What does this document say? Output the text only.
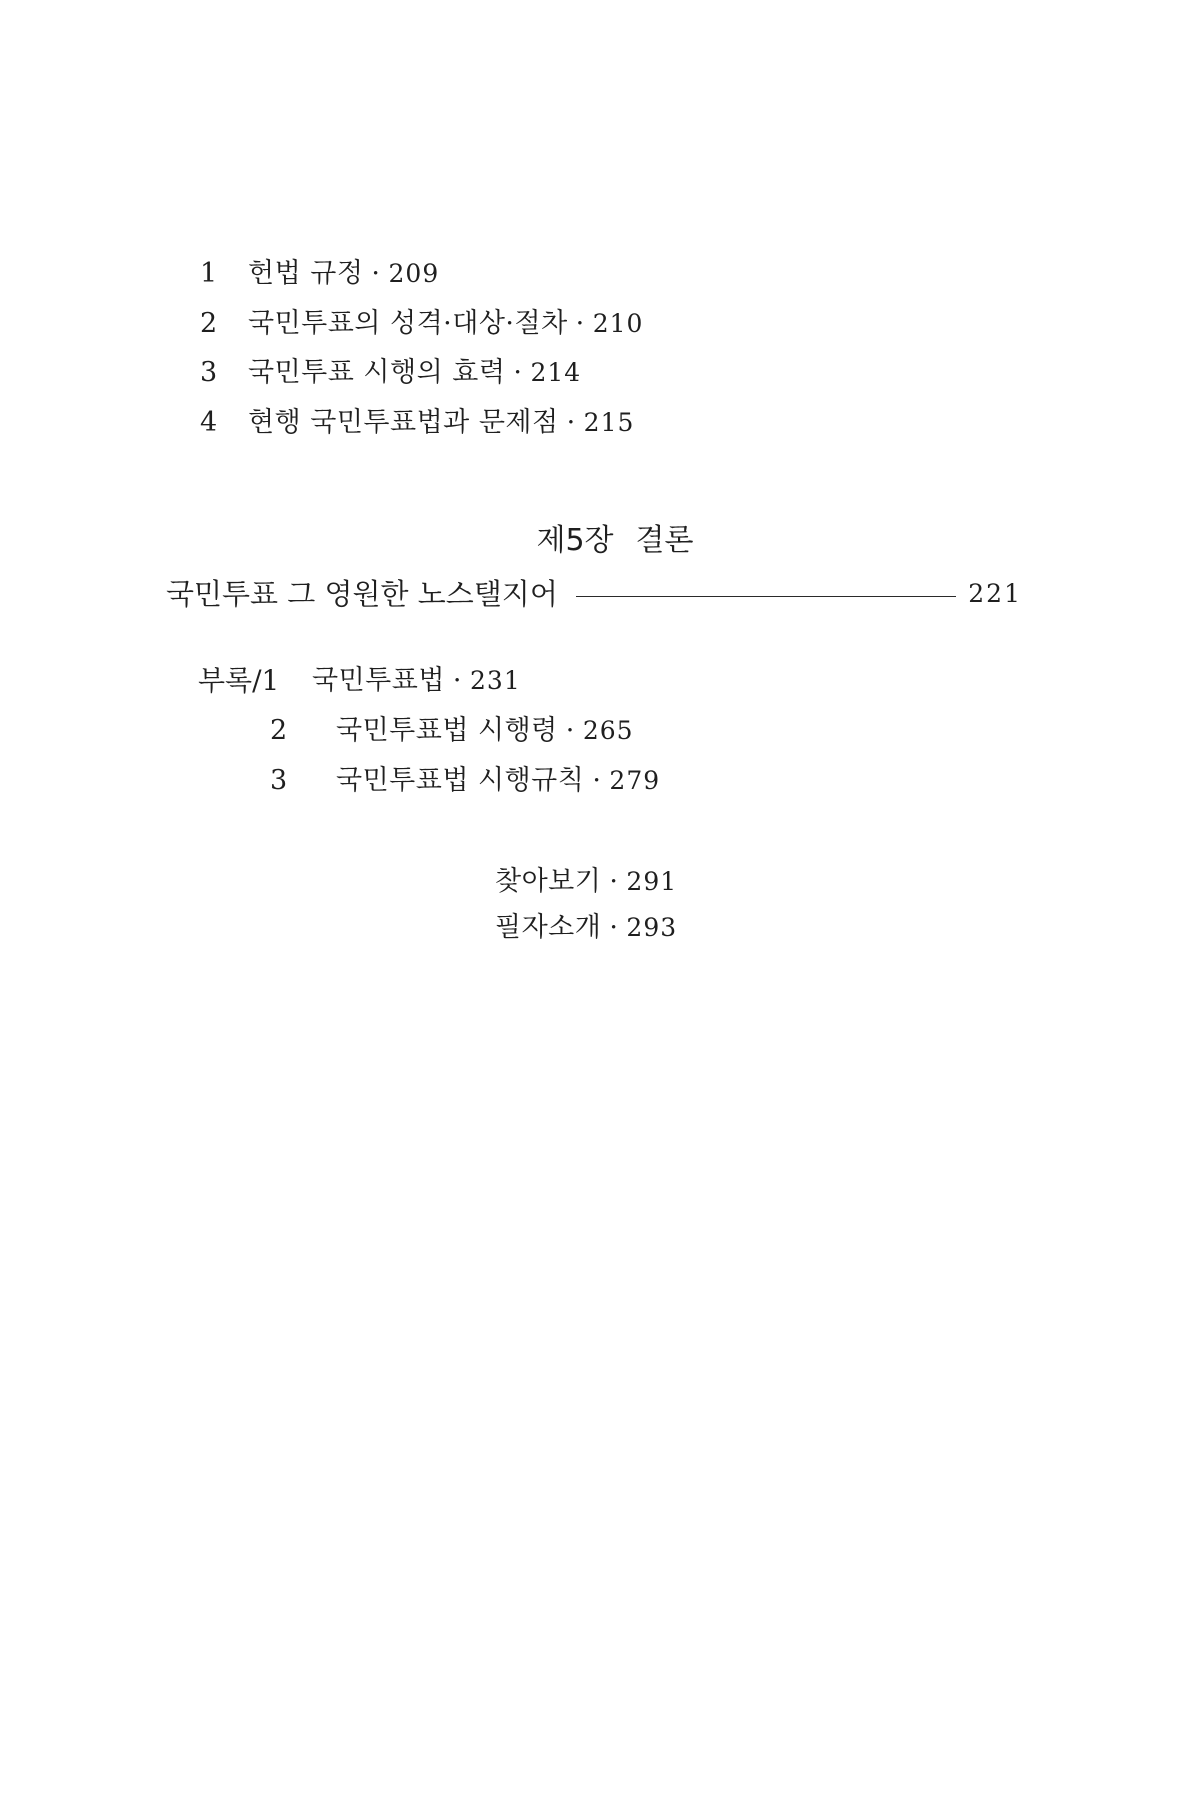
1 헌법 규정 · 209
2 국민투표의 성격·대상·절차 · 210
3 국민투표 시행의 효력 · 214
4 현행 국민투표법과 문제점 · 215
제5장 결론
국민투표 그 영원한 노스탤지어	221
부록/1 국민투표법 · 231
2 국민투표법 시행령 · 265
3 국민투표법 시행규칙 · 279
찾아보기 · 291
필자소개 · 293
